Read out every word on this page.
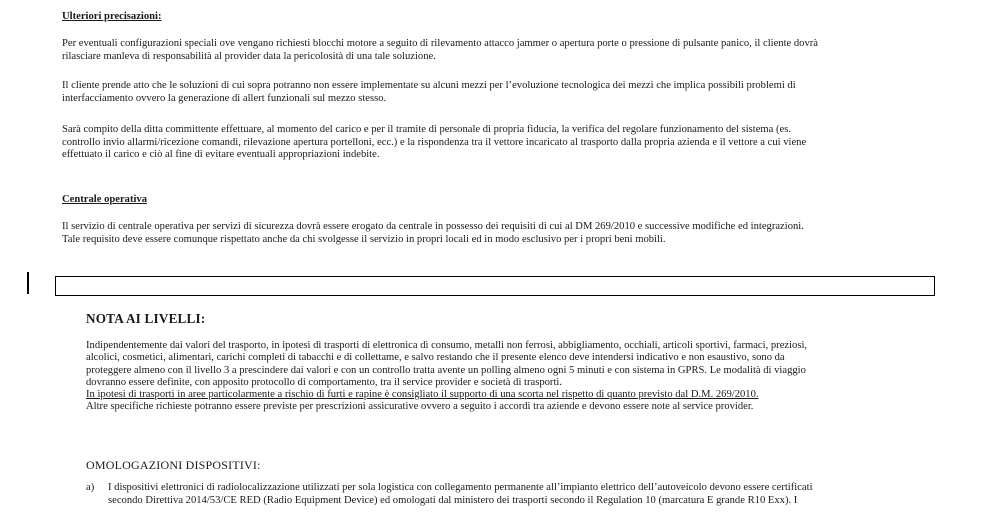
Ulteriori precisazioni:
Per eventuali configurazioni speciali ove vengano richiesti blocchi motore a seguito di rilevamento attacco jammer o apertura porte o pressione di pulsante panico, il cliente dovrà
rilasciare manleva di responsabilità al provider data la pericolosità di una tale soluzione.
Il cliente prende atto che le soluzioni di cui sopra potranno non essere implementate su alcuni mezzi per l’evoluzione tecnologica dei mezzi che implica possibili problemi di
interfacciamento ovvero la generazione di allert funzionali sul mezzo stesso.
Sarà compito della ditta committente effettuare, al momento del carico e per il tramite di personale di propria fiducia, la verifica del regolare funzionamento del sistema (es.
controllo invio allarmi/ricezione comandi, rilevazione apertura portelloni, ecc.) e la rispondenza tra il vettore incaricato al trasporto dalla propria azienda e il vettore a cui viene
effettuato il carico e ciò al fine di evitare eventuali appropriazioni indebite.
Centrale operativa
Il servizio di centrale operativa per servizi di sicurezza dovrà essere erogato da centrale in possesso dei requisiti di cui al DM 269/2010 e successive modifiche ed integrazioni.
Tale requisito deve essere comunque rispettato anche da chi svolgesse il servizio in propri locali ed in modo esclusivo per i propri beni mobili.
NOTA AI LIVELLI:
Indipendentemente dai valori del trasporto, in ipotesi di trasporti di elettronica di consumo, metalli non ferrosi, abbigliamento, occhiali, articoli sportivi, farmaci, preziosi,
alcolici, cosmetici, alimentari, carichi completi di tabacchi e di collettame, e salvo restando che il presente elenco deve intendersi indicativo e non esaustivo, sono da
proteggere almeno con il livello 3 a prescindere dai valori e con un controllo tratta avente un polling almeno ogni 5 minuti e con sistema in GPRS. Le modalità di viaggio
dovranno essere definite, con apposito protocollo di comportamento, tra il service provider e società di trasporti.
In ipotesi di trasporti in aree particolarmente a rischio di furti e rapine è consigliato il supporto di una scorta nel rispetto di quanto previsto dal D.M. 269/2010.
Altre specifiche richieste potranno essere previste per prescrizioni assicurative ovvero a seguito i accordi tra aziende e devono essere note al service provider.
OMOLOGAZIONI DISPOSITIVI:
a) I dispositivi elettronici di radiolocalizzazione utilizzati per sola logistica con collegamento permanente all’impianto elettrico dell’autoveicolo devono essere certificati
secondo Direttiva 2014/53/CE RED (Radio Equipment Device) ed omologati dal ministero dei trasporti secondo il Regulation 10 (marcatura E grande R10 Exx). I
